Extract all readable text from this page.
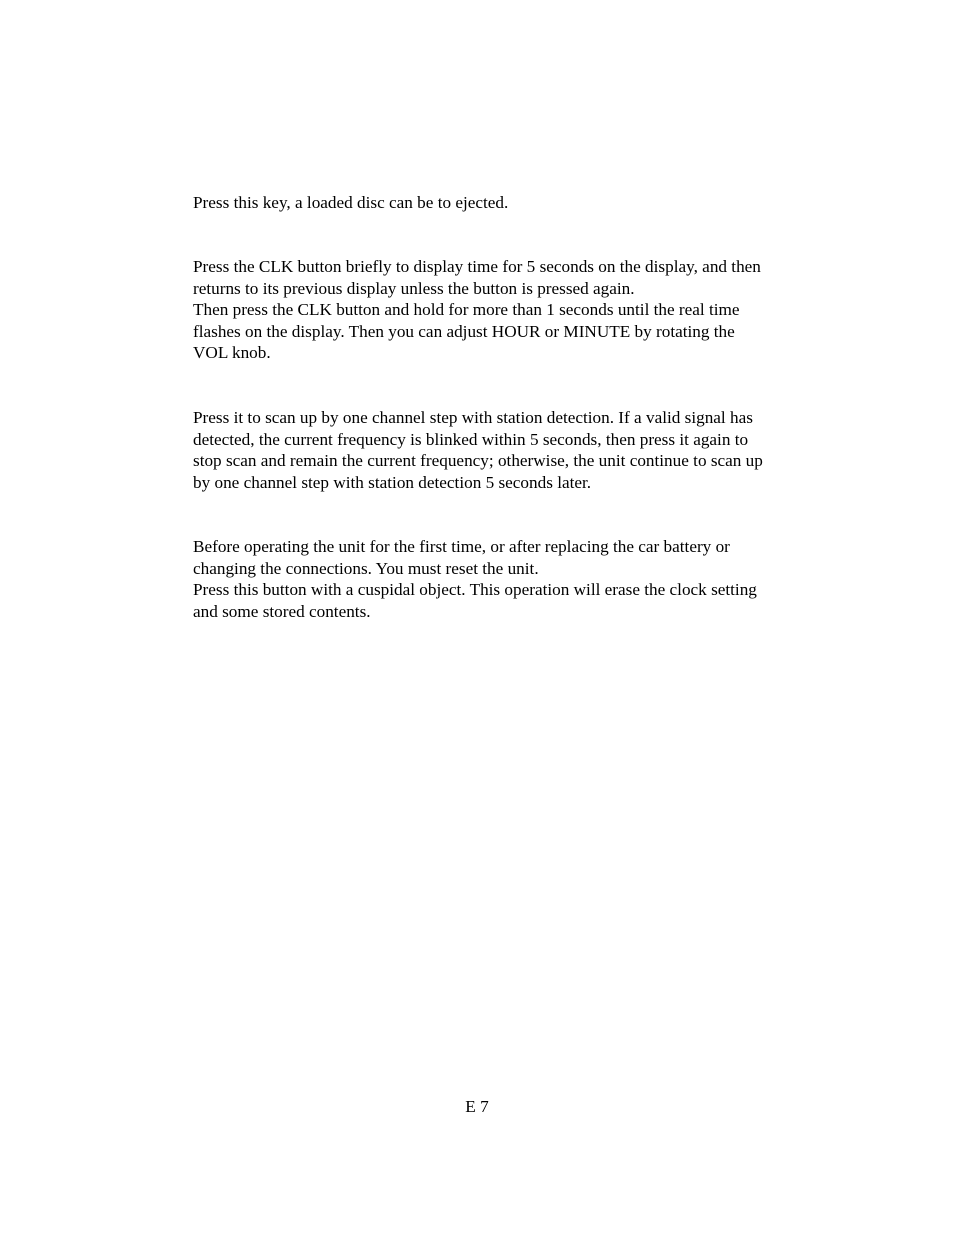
Press this key, a loaded disc can be to ejected.

Press the CLK button briefly to display time for 5 seconds on the display, and then
returns to its previous display unless the button is pressed again.

Then press the CLK button and hold for more than 1 seconds until the real time
flashes on the display. Then you can adjust HOUR or MINUTE by rotating the
VOL knob.

Press it to scan up by one channel step with station detection. If a valid signal has
detected, the current frequency is blinked within 5 seconds, then press it again to
stop scan and remain the current frequency; otherwise, the unit continue to scan up
by one channel step with station detection 5 seconds later.

Before operating the unit for the first time, or after replacing the car battery or
changing the connections. You must reset the unit.

Press this button with a cuspidal object. This operation will erase the clock setting
and some stored contents.

E 7
